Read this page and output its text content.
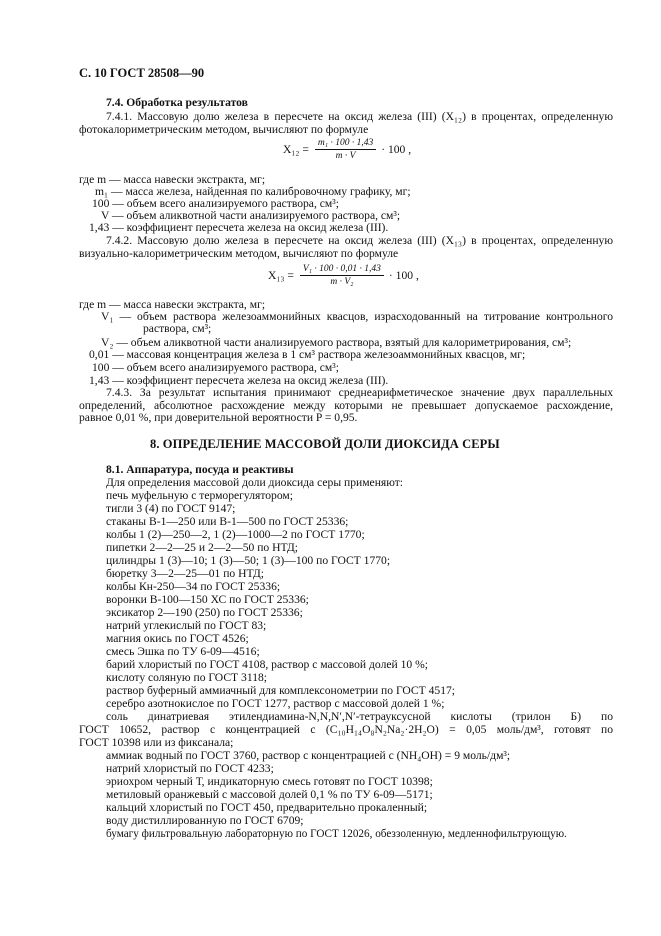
С. 10 ГОСТ 28508—90
7.4. Обработка результатов
7.4.1. Массовую долю железа в пересчете на оксид железа (III) (X₁₂) в процентах, определенную
фотокалориметрическим методом, вычисляют по формуле
$X_{12} = \frac{\text{m₁ · 100 · 1,43}}{m \cdot V} \cdot 100$ ,
где m — масса навески экстракта, мг;
m₁ — масса железа, найденная по калибровочному графику, мг;
100 — объем всего анализируемого раствора, см³;
V — объем аликвотной части анализируемого раствора, см³;
1,43 — коэффициент пересчета железа на оксид железа (III).
7.4.2. Массовую долю железа в пересчете на оксид железа (III) (X₁₃) в процентах, определенную
визуально-калориметрическим методом, вычисляют по формуле
$X_{13} = \frac{\text{V₁ · 100 · 0,01 · 1,43}}{\text{m · V₂}} \cdot 100$ ,
где m — масса навески экстракта, мг;
V₁ — объем раствора железоаммонийных квасцов, израсходованный на титрование контрольного
раствора, см³;
V₂ — объем аликвотной части анализируемого раствора, взятый для калориметрирования, см³;
0,01 — массовая концентрация железа в 1 см³ раствора железоаммонийных квасцов, мг;
100 — объем всего анализируемого раствора, см³;
1,43 — коэффициент пересчета железа на оксид железа (III).
7.4.3. За результат испытания принимают среднеарифметическое значение двух параллельных
определений, абсолютное расхождение между которыми не превышает допускаемое расхождение,
равное 0,01 %, при доверительной вероятности P = 0,95.
8. ОПРЕДЕЛЕНИЕ МАССОВОЙ ДОЛИ ДИОКСИДА СЕРЫ
8.1. Аппаратура, посуда и реактивы
Для определения массовой доли диоксида серы применяют:
печь муфельную с терморегулятором;
тигли 3 (4) по ГОСТ 9147;
стаканы В-1—250 или В-1—500 по ГОСТ 25336;
колбы 1 (2)—250—2, 1 (2)—1000—2 по ГОСТ 1770;
пипетки 2—2—25 и 2—2—50 по НТД;
цилиндры 1 (3)—10; 1 (3)—50; 1 (3)—100 по ГОСТ 1770;
бюретку 3—2—25—01 по НТД;
колбы Кн-250—34 по ГОСТ 25336;
воронки В-100—150 ХС по ГОСТ 25336;
эксикатор 2—190 (250) по ГОСТ 25336;
натрий углекислый по ГОСТ 83;
магния окись по ГОСТ 4526;
смесь Эшка по ТУ 6-09—4516;
барий хлористый по ГОСТ 4108, раствор с массовой долей 10 %;
кислоту соляную по ГОСТ 3118;
раствор буферный аммиачный для комплексонометрии по ГОСТ 4517;
серебро азотнокислое по ГОСТ 1277, раствор с массовой долей 1 %;
соль динатриевая этилендиамина-N,N,N′,N′-тетрауксусной кислоты (трилон Б) по
ГОСТ 10652, раствор с концентрацией c (C₁₀H₁₄O₈N₂Na₂·2H₂O) = 0,05 моль/дм³, готовят по
ГОСТ 10398 или из фиксанала;
аммиак водный по ГОСТ 3760, раствор с концентрацией c (NH₄OH) = 9 моль/дм³;
натрий хлористый по ГОСТ 4233;
эриохром черный Т, индикаторную смесь готовят по ГОСТ 10398;
метиловый оранжевый с массовой долей 0,1 % по ТУ 6-09—5171;
кальций хлористый по ГОСТ 450, предварительно прокаленный;
воду дистиллированную по ГОСТ 6709;
бумагу фильтровальную лабораторную по ГОСТ 12026, обеззоленную, медленнофильтрующую.
